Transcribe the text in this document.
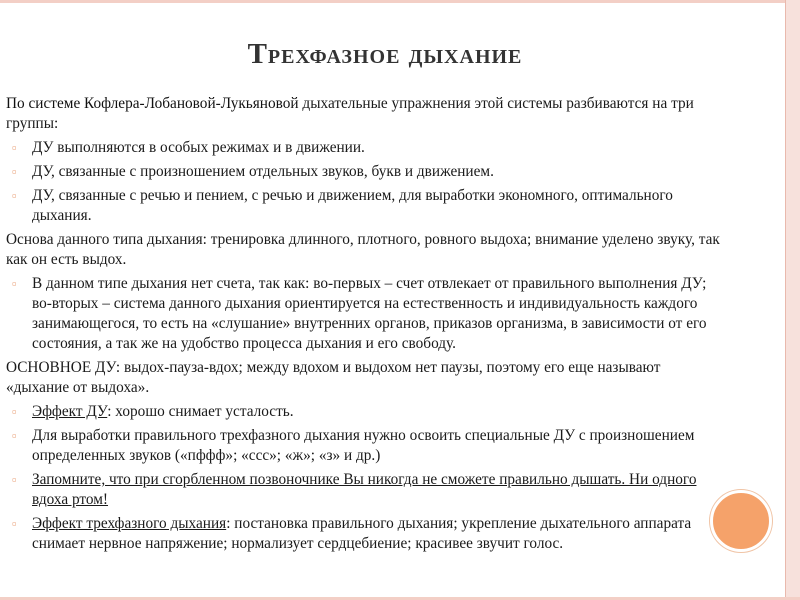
Трехфазное дыхание

По системе Кофлера-Лобановой-Лукьяновой дыхательные упражнения этой системы разбиваются на три группы:

▫ ДУ выполняются в особых режимах и в движении.

▫ ДУ, связанные с произношением отдельных звуков, букв и движением.

▫ ДУ, связанные с речью и пением, с речью и движением, для выработки экономного, оптимального дыхания.

Основа данного типа дыхания: тренировка длинного, плотного, ровного выдоха; внимание уделено звуку, так как он есть выдох.

▫ В данном типе дыхания нет счета, так как: во-первых – счет отвлекает от правильного выполнения ДУ; во-вторых – система данного дыхания ориентируется на естественность и индивидуальность каждого занимающегося, то есть на «слушание» внутренних органов, приказов организма, в зависимости от его состояния, а так же на удобство процесса дыхания и его свободу.

ОСНОВНОЕ ДУ: выдох-пауза-вдох; между вдохом и выдохом нет паузы, поэтому его еще называют «дыхание от выдоха».

▫ Эффект ДУ: хорошо снимает усталость.

▫ Для выработки правильного трехфазного дыхания нужно освоить специальные ДУ с произношением определенных звуков («пффф»; «ссс»; «ж»; «з» и др.)

▫ Запомните, что при сгорбленном позвоночнике Вы никогда не сможете правильно дышать. Ни одного вдоха ртом!

▫ Эффект трехфазного дыхания: постановка правильного дыхания; укрепление дыхательного аппарата снимает нервное напряжение; нормализует сердцебиение; красивее звучит голос.
